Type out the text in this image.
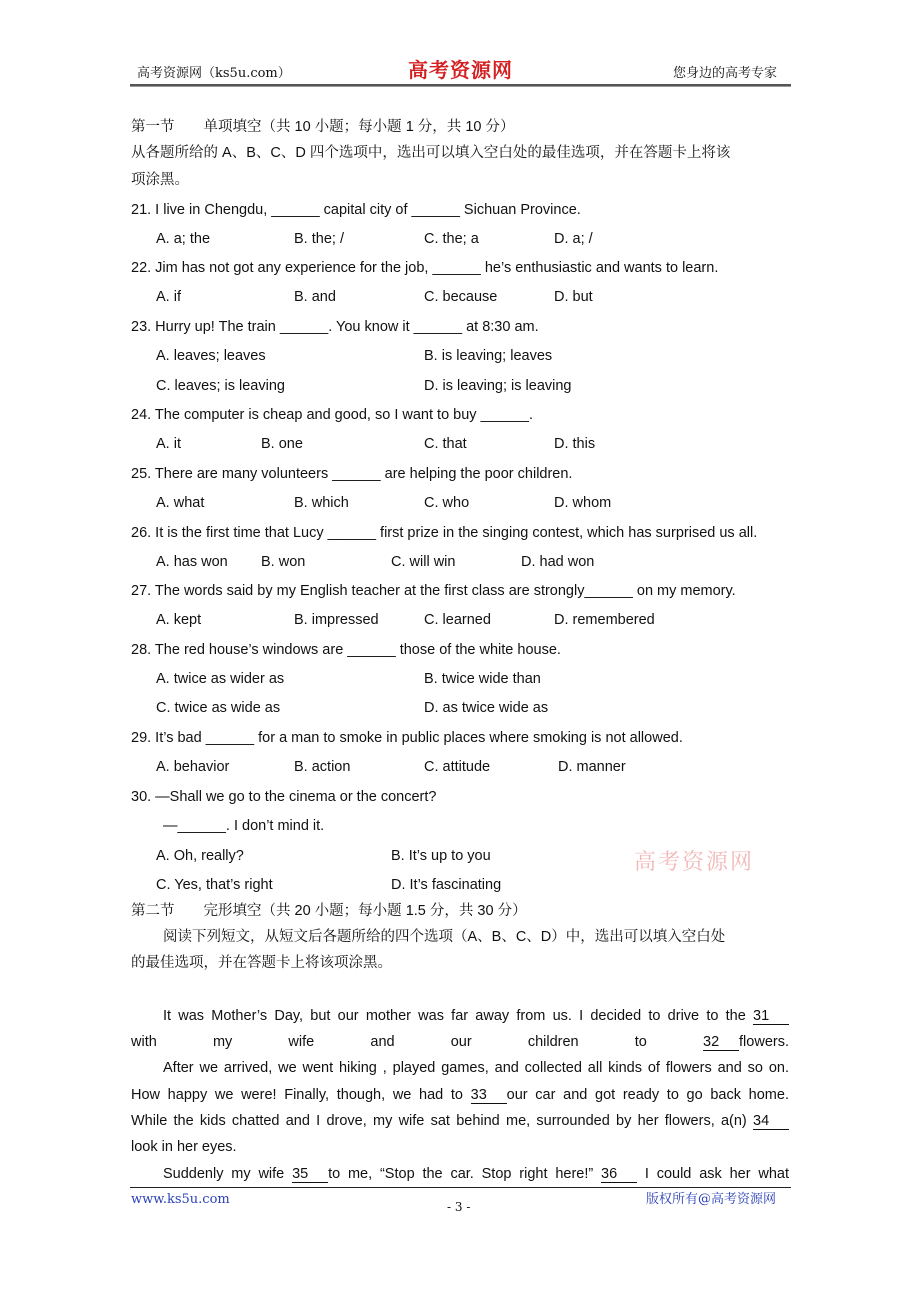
高考资源网（ks5u.com）	高考资源网	您身边的高考专家
第一节　　单项填空（共 10 小题；每小题 1 分，共 10 分）
从各题所给的 A、B、C、D 四个选项中，选出可以填入空白处的最佳选项，并在答题卡上将该
项涂黑。
21. I live in Chengdu, ______ capital city of ______ Sichuan Province.
A. a; the	B. the; /	C. the; a	D. a; /
22. Jim has not got any experience for the job, ______ he’s enthusiastic and wants to learn.
A. if	B. and	C. because	D. but
23. Hurry up! The train ______. You know it ______ at 8:30 am.
A. leaves; leaves	B. is leaving; leaves
C. leaves; is leaving	D. is leaving; is leaving
24. The computer is cheap and good, so I want to buy ______.
A. it	B. one	C. that	D. this
25. There are many volunteers ______ are helping the poor children.
A. what	B. which	C. who	D. whom
26. It is the first time that Lucy ______ first prize in the singing contest, which has surprised us all.
A. has won B. won	C. will win	D. had won
27. The words said by my English teacher at the first class are strongly______ on my memory.
A. kept	B. impressed	C. learned	D. remembered
28. The red house’s windows are ______ those of the white house.
A. twice as wider as	B. twice wide than
C. twice as wide as	D. as twice wide as
29. It’s bad ______ for a man to smoke in public places where smoking is not allowed.
A. behavior	B. action	C. attitude	D. manner
30. —Shall we go to the cinema or the concert?
—______. I don’t mind it.
A. Oh, really?	B. It’s up to you
C. Yes, that’s right	D. It’s fascinating
高考资源网
第二节　　完形填空（共 20 小题；每小题 1.5 分，共 30 分）
阅读下列短文，从短文后各题所给的四个选项（A、B、C、D）中，选出可以填入空白处
的最佳选项，并在答题卡上将该项涂黑。
It was Mother’s Day, but our mother was far away from us. I decided to drive to the 31
with my wife and our children to 32 flowers.
After we arrived, we went hiking , played games, and collected all kinds of flowers and so on.
How happy we were! Finally, though, we had to 33 our car and got ready to go back home.
While the kids chatted and I drove, my wife sat behind me, surrounded by her flowers, a(n) 34
look in her eyes.
Suddenly my wife 35 to me, “Stop the car. Stop right here!” 36 I could ask her what
www.ks5u.com	- 3 -	版权所有@高考资源网
